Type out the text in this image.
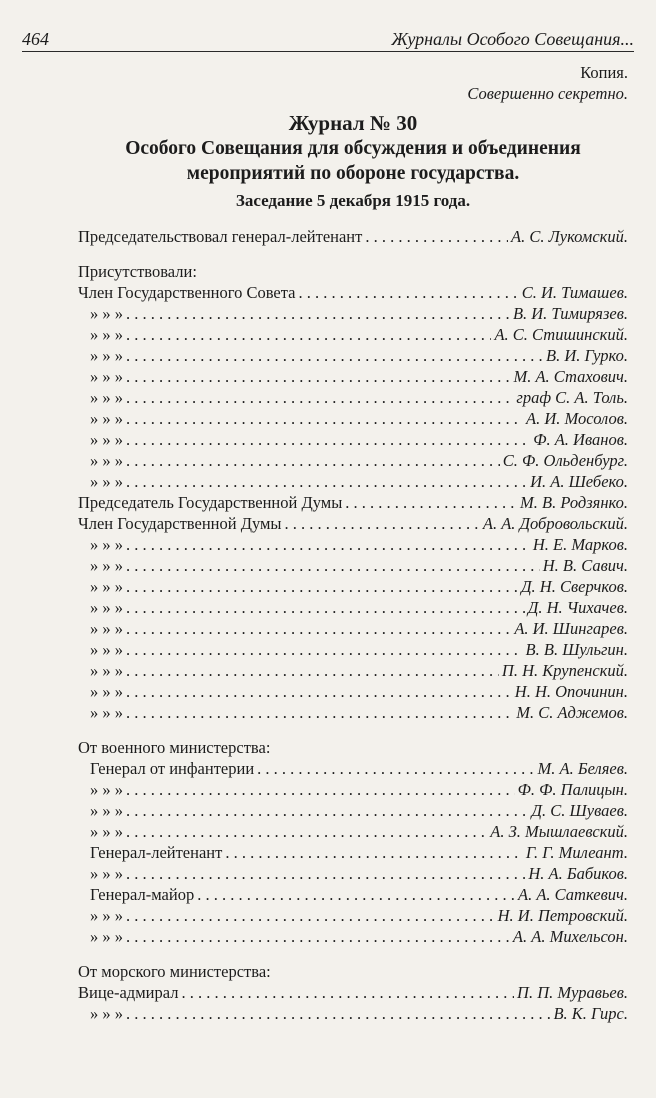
464	Журналы Особого Совещания...
Копия.
Совершенно секретно.
Журнал № 30
Особого Совещания для обсуждения и объединения
мероприятий по обороне государства.
Заседание 5 декабря 1915 года.
Председательствовал генерал-лейтенант . . .	А. С. Лукомский.
Присутствовали:
Член Государственного Совета . . .	С. И. Тимашев.
» » » . . .	В. И. Тимирязев.
» » » . . .	А. С. Стишинский.
» » » . . .	В. И. Гурко.
» » » . . .	М. А. Стахович.
» » » . . .	граф С. А. Толь.
» » » . . .	А. И. Мосолов.
» » » . . .	Ф. А. Иванов.
» » » . . .	С. Ф. Ольденбург.
» » » . . .	И. А. Шебеко.
Председатель Государственной Думы . . .	М. В. Родзянко.
Член Государственной Думы . . .	А. А. Добровольский.
» » » . . .	Н. Е. Марков.
» » » . . .	Н. В. Савич.
» » » . . .	Д. Н. Сверчков.
» » » . . .	Д. Н. Чихачев.
» » » . . .	А. И. Шингарев.
» » » . . .	В. В. Шульгин.
» » » . . .	П. Н. Крупенский.
» » » . . .	Н. Н. Опочинин.
» » » . . .	М. С. Аджемов.
От военного министерства:
Генерал от инфантерии . . .	М. А. Беляев.
» » » . . .	Ф. Ф. Палицын.
» » » . . .	Д. С. Шуваев.
» » » . . .	А. З. Мышлаевский.
Генерал-лейтенант . . .	Г. Г. Милеант.
» » » . . .	Н. А. Бабиков.
Генерал-майор . . .	А. А. Саткевич.
» » » . . .	Н. И. Петровский.
» » » . . .	А. А. Михельсон.
От морского министерства:
Вице-адмирал . . .	П. П. Муравьев.
» » » . . .	В. К. Гирс.
